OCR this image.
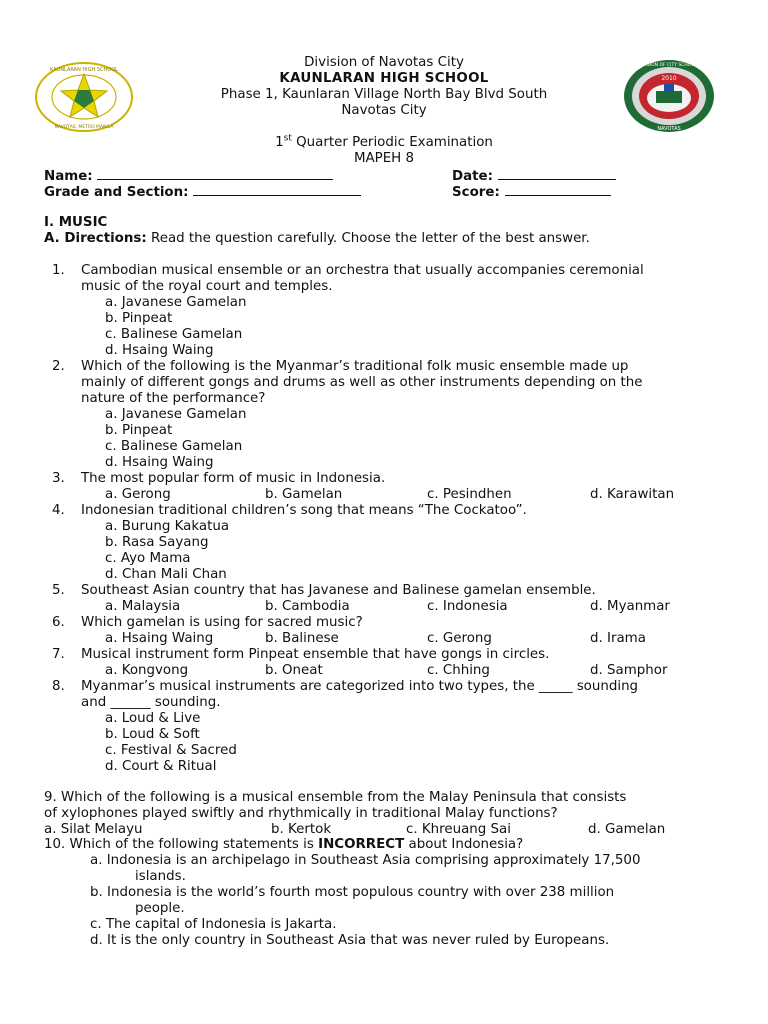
KAUNLARAN HIGH SCHOOL
NAVOTAS, METRO MANILA
2010
DIVISION OF CITY SCHOOLS
NAVOTAS
Division of Navotas City
KAUNLARAN HIGH SCHOOL
Phase 1, Kaunlaran Village North Bay Blvd South
Navotas City
1st Quarter Periodic Examination
MAPEH 8
Name:	Date:
Grade and Section:	Score:
I. MUSIC
A. Directions: Read the question carefully. Choose the letter of the best answer.
1. Cambodian musical ensemble or an orchestra that usually accompanies ceremonial
music of the royal court and temples.
a. Javanese Gamelan
b. Pinpeat
c. Balinese Gamelan
d. Hsaing Waing
2. Which of the following is the Myanmar’s traditional folk music ensemble made up
mainly of different gongs and drums as well as other instruments depending on the
nature of the performance?
a. Javanese Gamelan
b. Pinpeat
c. Balinese Gamelan
d. Hsaing Waing
3. The most popular form of music in Indonesia.
a. Gerong	b. Gamelan	c. Pesindhen	d. Karawitan
4. Indonesian traditional children’s song that means “The Cockatoo”.
a. Burung Kakatua
b. Rasa Sayang
c. Ayo Mama
d. Chan Mali Chan
5. Southeast Asian country that has Javanese and Balinese gamelan ensemble.
a. Malaysia	b. Cambodia	c. Indonesia	d. Myanmar
6. Which gamelan is using for sacred music?
a. Hsaing Waing	b. Balinese	c. Gerong	d. Irama
7. Musical instrument form Pinpeat ensemble that have gongs in circles.
a. Kongvong	b. Oneat	c. Chhing	d. Samphor
8. Myanmar’s musical instruments are categorized into two types, the _____ sounding
and ______ sounding.
a. Loud & Live
b. Loud & Soft
c. Festival & Sacred
d. Court & Ritual
9. Which of the following is a musical ensemble from the Malay Peninsula that consists
of xylophones played swiftly and rhythmically in traditional Malay functions?
a. Silat Melayu	b. Kertok	c. Khreuang Sai	d. Gamelan
10. Which of the following statements is INCORRECT about Indonesia?
a. Indonesia is an archipelago in Southeast Asia comprising approximately 17,500
islands.
b. Indonesia is the world’s fourth most populous country with over 238 million
people.
c. The capital of Indonesia is Jakarta.
d. It is the only country in Southeast Asia that was never ruled by Europeans.
